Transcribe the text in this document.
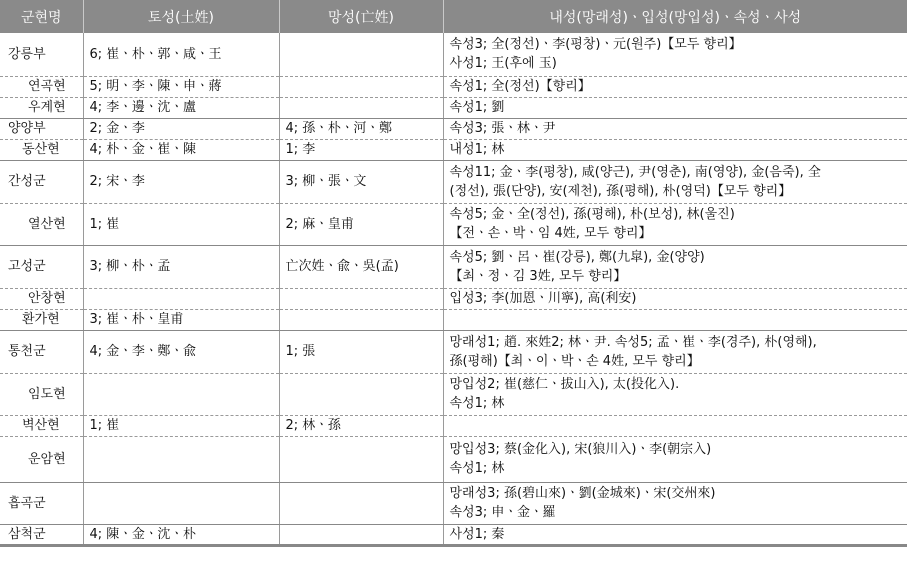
군현명	토성(土姓)	망성(亡姓)	내성(망래성)ㆍ입성(망입성)ㆍ속성ㆍ사성
강릉부	6; 崔ㆍ朴ㆍ郭ㆍ咸ㆍ王		속성3; 全(정선)ㆍ李(평창)ㆍ元(원주)【모두 향리】
사성1; 王(후에 玉)

연곡현	5; 明ㆍ李ㆍ陳ㆍ申ㆍ蔣		속성1; 全(정선)【향리】

우계현	4; 李ㆍ邊ㆍ沈ㆍ盧		속성1; 劉

양양부	2; 金ㆍ李	4; 孫ㆍ朴ㆍ河ㆍ鄭	속성3; 張ㆍ林ㆍ尹

동산현	4; 朴ㆍ金ㆍ崔ㆍ陳	1; 李	내성1; 林

간성군	2; 宋ㆍ李	3; 柳ㆍ張ㆍ文	속성11; 金ㆍ李(평창), 咸(양근), 尹(영춘), 南(영양), 金(음죽), 全
(정선), 張(단양), 安(제천), 孫(평해), 朴(영덕)【모두 향리】

열산현	1; 崔	2; 麻ㆍ皇甫	속성5; 金ㆍ全(정선), 孫(평해), 朴(보성), 林(울진)
【전ㆍ손ㆍ박ㆍ임 4姓, 모두 향리】

고성군	3; 柳ㆍ朴ㆍ孟	亡次姓ㆍ兪ㆍ吳(孟)	속성5; 劉ㆍ呂ㆍ崔(강릉), 鄭(九皐), 金(양양)
【최ㆍ정ㆍ김 3姓, 모두 향리】

안창현			입성3; 李(加恩ㆍ川寧), 高(利安)

환가현	3; 崔ㆍ朴ㆍ皇甫		

통천군	4; 金ㆍ李ㆍ鄭ㆍ兪	1; 張	망래성1; 趙. 來姓2; 林ㆍ尹. 속성5; 孟ㆍ崔ㆍ李(경주), 朴(영해),
孫(평해)【최ㆍ이ㆍ박ㆍ손 4姓, 모두 향리】

임도현			망입성2; 崔(慈仁ㆍ拔山入), 太(投化入).
속성1; 林

벽산현	1; 崔	2; 林ㆍ孫	

운암현			망입성3; 蔡(金化入), 宋(狼川入)ㆍ李(朝宗入)
속성1; 林

흡곡군			망래성3; 孫(碧山來)ㆍ劉(金城來)ㆍ宋(交州來)
속성3; 申ㆍ金ㆍ羅

삼척군	4; 陳ㆍ金ㆍ沈ㆍ朴		사성1; 秦
